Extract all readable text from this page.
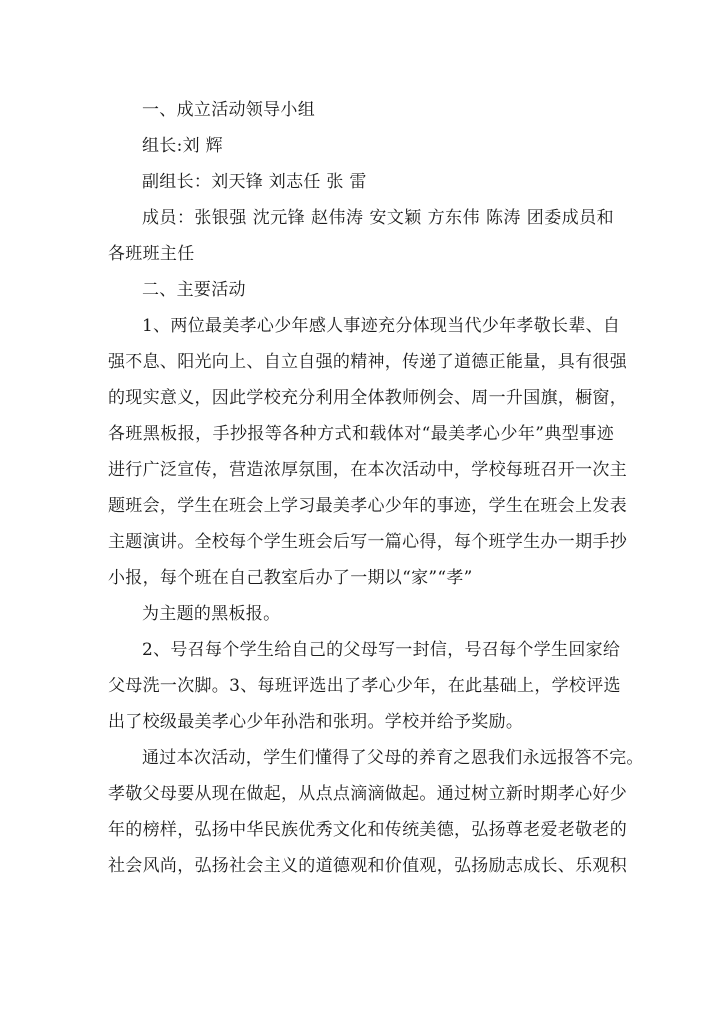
一、成立活动领导小组
组长:刘 辉
副组长：刘天锋 刘志任 张 雷
成员：张银强 沈元锋 赵伟涛 安文颖 方东伟 陈涛 团委成员和
各班班主任
二、主要活动
1、两位最美孝心少年感人事迹充分体现当代少年孝敬长辈、自
强不息、阳光向上、自立自强的精神，传递了道德正能量，具有很强
的现实意义，因此学校充分利用全体教师例会、周一升国旗，橱窗，
各班黑板报，手抄报等各种方式和载体对“最美孝心少年”典型事迹
进行广泛宣传，营造浓厚氛围，在本次活动中，学校每班召开一次主
题班会，学生在班会上学习最美孝心少年的事迹，学生在班会上发表
主题演讲。全校每个学生班会后写一篇心得，每个班学生办一期手抄
小报，每个班在自己教室后办了一期以“家”“孝”
为主题的黑板报。
2、号召每个学生给自己的父母写一封信，号召每个学生回家给
父母洗一次脚。3、每班评选出了孝心少年，在此基础上，学校评选
出了校级最美孝心少年孙浩和张玥。学校并给予奖励。
通过本次活动，学生们懂得了父母的养育之恩我们永远报答不完。
孝敬父母要从现在做起，从点点滴滴做起。通过树立新时期孝心好少
年的榜样，弘扬中华民族优秀文化和传统美德，弘扬尊老爱老敬老的
社会风尚，弘扬社会主义的道德观和价值观，弘扬励志成长、乐观积
